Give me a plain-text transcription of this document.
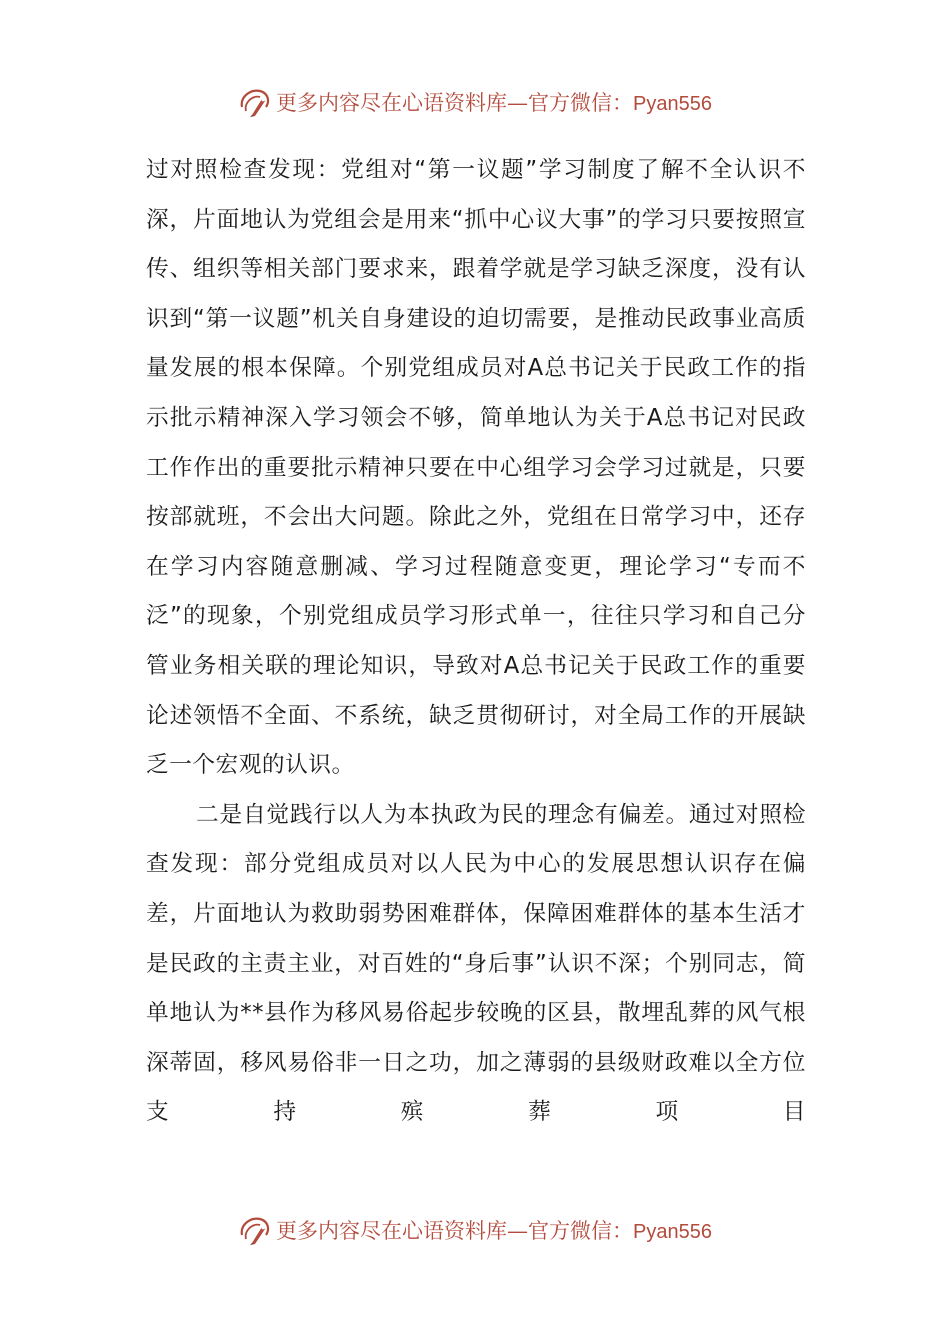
更多内容尽在心语资料库—官方微信：Pyan556

过对照检查发现：党组对“第一议题”学习制度了解不全认识不深，片面地认为党组会是用来“抓中心议大事”的学习只要按照宣传、组织等相关部门要求来，跟着学就是学习缺乏深度，没有认识到“第一议题”机关自身建设的迫切需要，是推动民政事业高质量发展的根本保障。个别党组成员对A总书记关于民政工作的指示批示精神深入学习领会不够，简单地认为关于A总书记对民政工作作出的重要批示精神只要在中心组学习会学习过就是，只要按部就班，不会出大问题。除此之外，党组在日常学习中，还存在学习内容随意删减、学习过程随意变更，理论学习“专而不泛”的现象，个别党组成员学习形式单一，往往只学习和自己分管业务相关联的理论知识，导致对A总书记关于民政工作的重要论述领悟不全面、不系统，缺乏贯彻研讨，对全局工作的开展缺乏一个宏观的认识。

二是自觉践行以人为本执政为民的理念有偏差。通过对照检查发现：部分党组成员对以人民为中心的发展思想认识存在偏差，片面地认为救助弱势困难群体，保障困难群体的基本生活才是民政的主责主业，对百姓的“身后事”认识不深；个别同志，简单地认为**县作为移风易俗起步较晚的区县，散埋乱葬的风气根深蒂固，移风易俗非一日之功，加之薄弱的县级财政难以全方位支持殡葬项目

更多内容尽在心语资料库—官方微信：Pyan556
